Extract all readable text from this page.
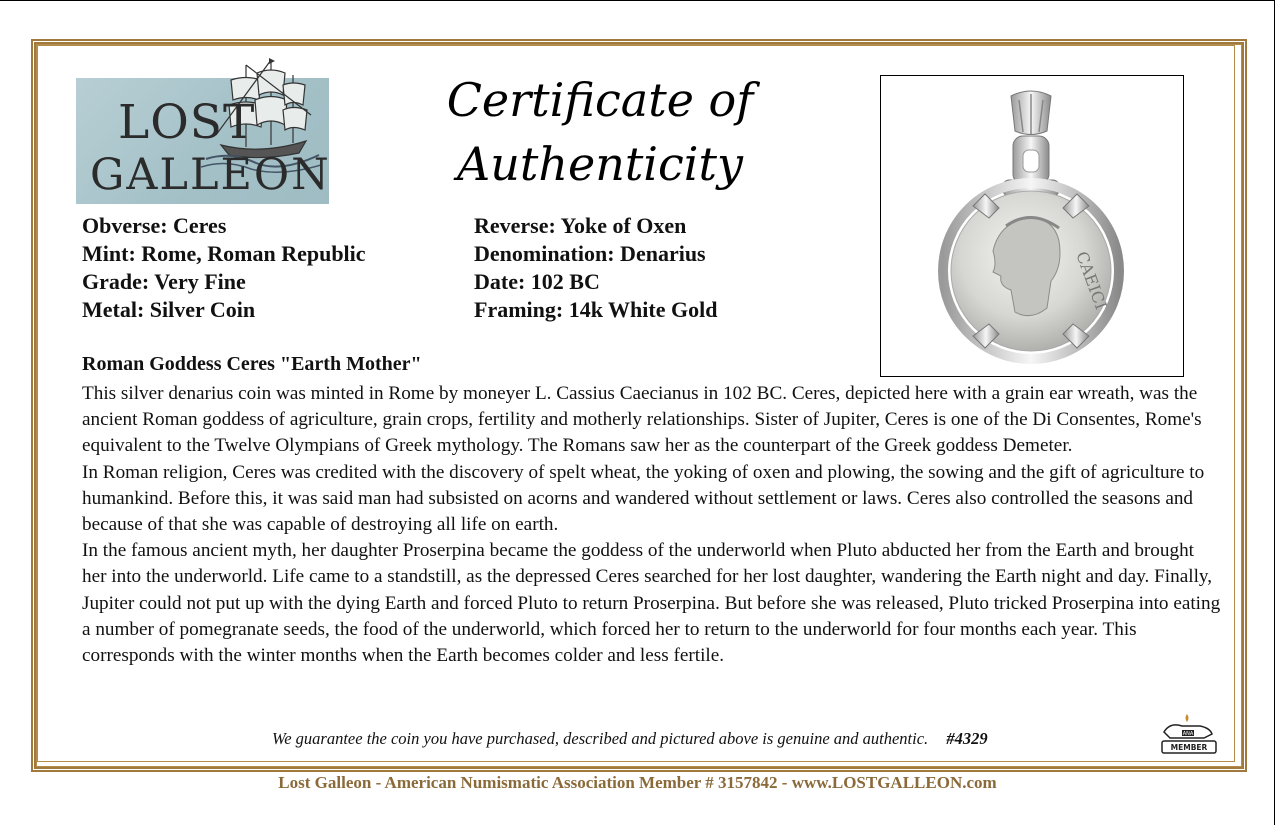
LOST
GALLEON
Certificate of
Authenticity
CAEICI
Obverse: Ceres
Mint: Rome, Roman Republic
Grade: Very Fine
Metal: Silver Coin
Reverse: Yoke of Oxen
Denomination: Denarius
Date: 102 BC
Framing: 14k White Gold
Roman Goddess Ceres "Earth Mother"

This silver denarius coin was minted in Rome by moneyer L. Cassius Caecianus in 102 BC. Ceres, depicted here with a grain ear wreath, was the ancient Roman goddess of agriculture, grain crops, fertility and motherly relationships. Sister of Jupiter, Ceres is one of the Di Consentes, Rome's equivalent to the Twelve Olympians of Greek mythology. The Romans saw her as the counterpart of the Greek goddess Demeter.

In Roman religion, Ceres was credited with the discovery of spelt wheat, the yoking of oxen and plowing, the sowing and the gift of agriculture to humankind. Before this, it was said man had subsisted on acorns and wandered without settlement or laws. Ceres also controlled the seasons and because of that she was capable of destroying all life on earth.

In the famous ancient myth, her daughter Proserpina became the goddess of the underworld when Pluto abducted her from the Earth and brought her into the underworld. Life came to a standstill, as the depressed Ceres searched for her lost daughter, wandering the Earth night and day. Finally, Jupiter could not put up with the dying Earth and forced Pluto to return Proserpina. But before she was released, Pluto tricked Proserpina into eating a number of pomegranate seeds, the food of the underworld, which forced her to return to the underworld for four months each year. This corresponds with the winter months when the Earth becomes colder and less fertile.

We guarantee the coin you have purchased, described and pictured above is genuine and authentic. #4329	ANA
MEMBER
Lost Galleon - American Numismatic Association Member # 3157842 - www.LOSTGALLEON.com
